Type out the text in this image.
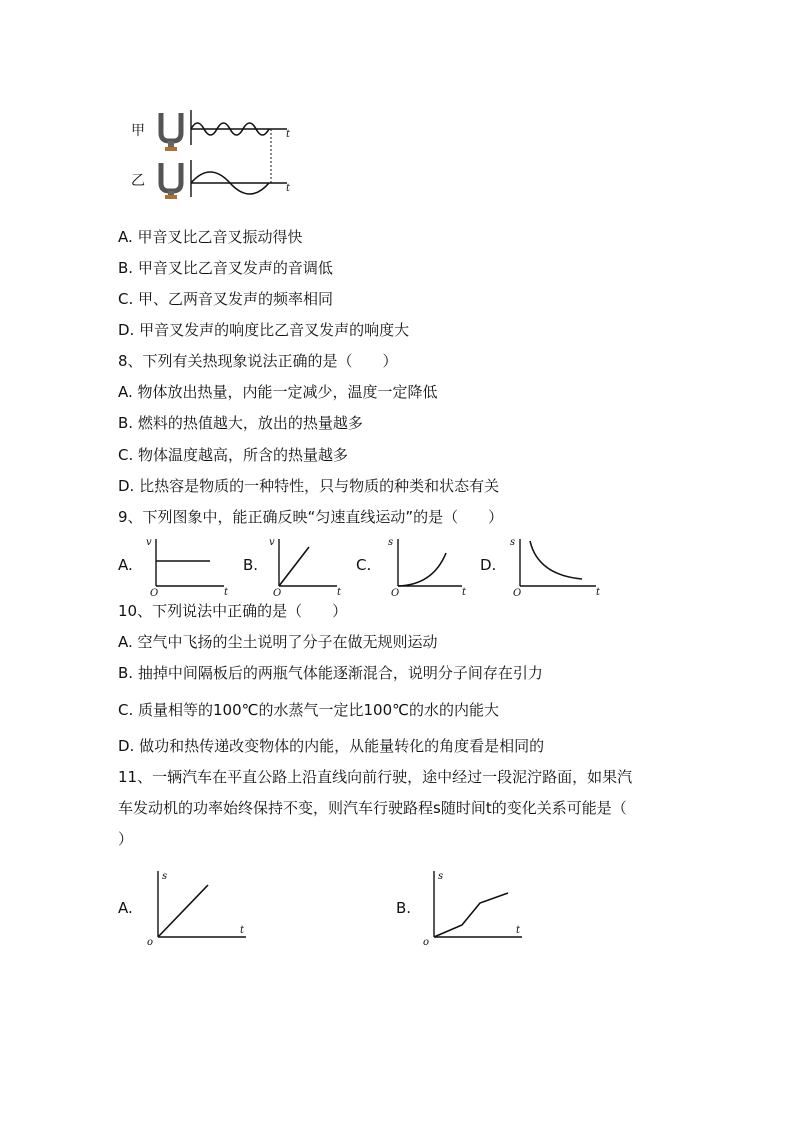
甲
乙
t
t
A. 甲音叉比乙音叉振动得快
B. 甲音叉比乙音叉发声的音调低
C. 甲、乙两音叉发声的频率相同
D. 甲音叉发声的响度比乙音叉发声的响度大
8、下列有关热现象说法正确的是（　　）
A. 物体放出热量，内能一定减少，温度一定降低
B. 燃料的热值越大，放出的热量越多
C. 物体温度越高，所含的热量越多
D. 比热容是物质的一种特性，只与物质的种类和状态有关
9、下列图象中，能正确反映“匀速直线运动”的是（　　）
A.
v
t
O
B.
v
t
O
C.
s
t
O
D.
s
t
O
10、下列说法中正确的是（　　）
A. 空气中飞扬的尘土说明了分子在做无规则运动
B. 抽掉中间隔板后的两瓶气体能逐渐混合，说明分子间存在引力
C. 质量相等的100℃的水蒸气一定比100℃的水的内能大
D. 做功和热传递改变物体的内能，从能量转化的角度看是相同的
11、一辆汽车在平直公路上沿直线向前行驶，途中经过一段泥泞路面，如果汽
车发动机的功率始终保持不变，则汽车行驶路程s随时间t的变化关系可能是（
）
A.
s
t
o
B.
s
t
o
